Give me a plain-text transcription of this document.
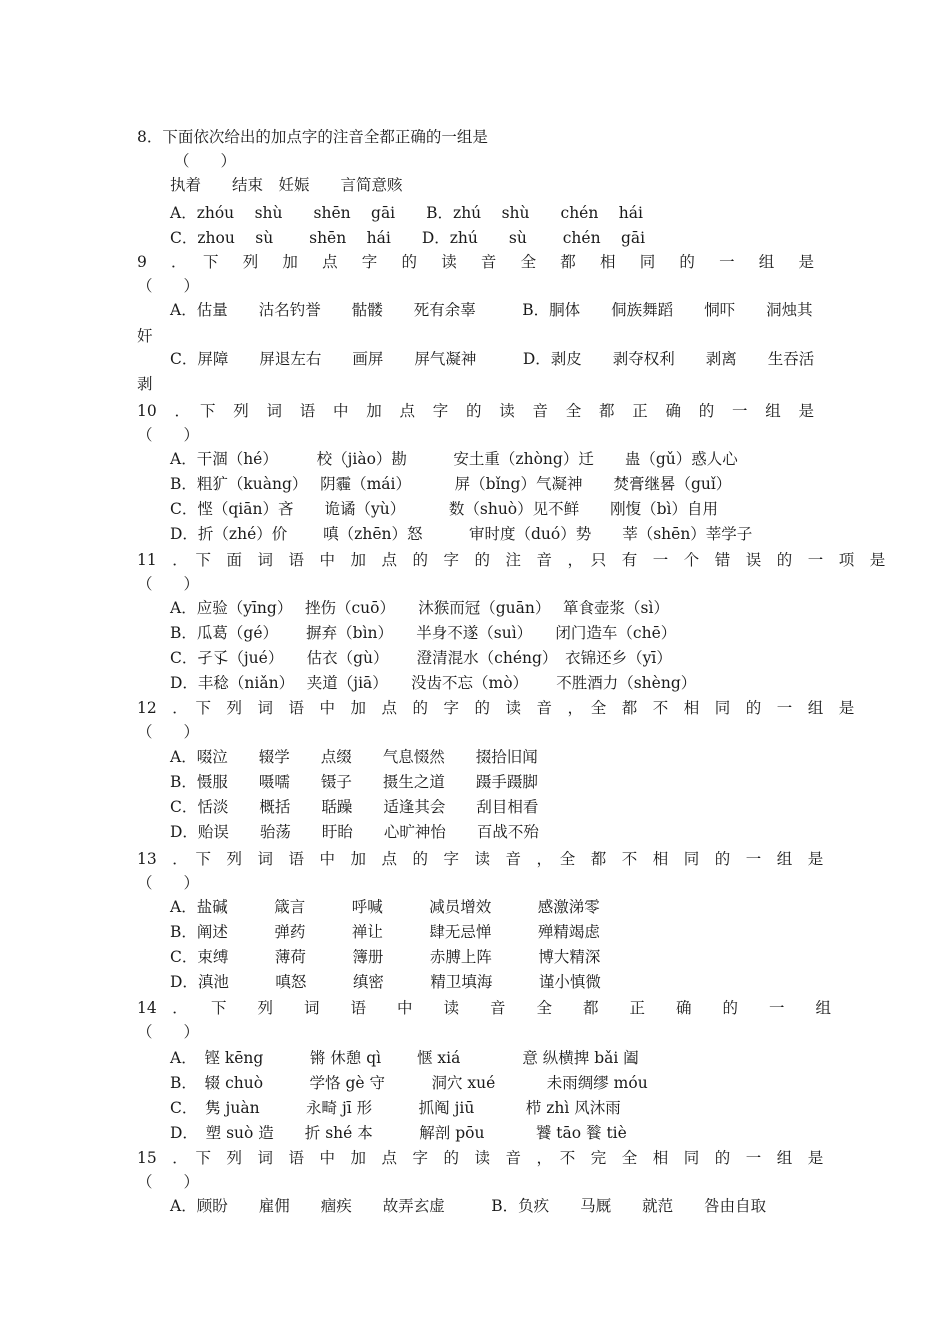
8．下面依次给出的加点字的注音全都正确的一组是
（　　）
执着　　结束　妊娠　　言简意赅
A．zhóu　 shù　　shēn　 gāi　　B．zhú　 shù　　chén　 hái
C．zhou　 sù　　 shēn　 hái　　D．zhú　　sù　　 chén　 gāi
9　．　下　列　加　点　字　的　读　音　全　都　相　同　的　一　组　是
（　　）
A．估量　　沽名钓誉　　骷髅　　死有余辜　　　B．胴体　　侗族舞蹈　　恫吓　　洞烛其
奸
C．屏障　　屏退左右　　画屏　　屏气凝神　　　D．剥皮　　剥夺权利　　剥离　　生吞活
剥
10　．　下　列　词　语　中　加　点　字　的　读　音　全　都　正　确　的　一　组　是
（　　）
A．干涸（hé）　　　校（jiào）勘　　　安土重（zhòng）迁　　蛊（gǔ）惑人心
B．粗犷（kuàng）　 阴霾（mái）　　　 屏（bǐng）气凝神　　焚膏继晷（guǐ）
C．悭（qiān）吝　　诡谲（yù）　　　 数（shuò）见不鲜　　刚愎（bì）自用
D．折（zhé）价　　 嗔（zhēn）怒　　　审时度（duó）势　　莘（shēn）莘学子
11　．　下　面　词　语　中　加　点　的　字　的　注　音　，　只　有　一　个　错　误　的　一　项　是
（　　）
A．应验（yīng）　 挫伤（cuō）　　沐猴而冠（guān）　 箪食壶浆（sì）
B．瓜葛（gé）　　 摒弃（bìn）　　半身不遂（suì）　　闭门造车（chē）
C．孑孓（jué）　　估衣（gù）　　 澄清混水（chéng）　衣锦还乡（yī）
D．丰稔（niǎn）　 夹道（jiā）　　没齿不忘（mò）　　 不胜酒力（shèng）
12　．　下　列　词　语　中　加　点　的　字　的　读　音　，　全　都　不　相　同　的　一　组　是
（　　）
A．啜泣　　辍学　　点缀　　气息惙然　　掇拾旧闻
B．慑服　　嗫嚅　　镊子　　摄生之道　　蹑手蹑脚
C．恬淡　　概括　　聒躁　　适逢其会　　刮目相看
D．贻误　　骀荡　　盱眙　　心旷神怡　　百战不殆
13　．　下　列　词　语　中　加　点　的　字　读　音　，　全　都　不　相　同　的　一　组　是
（　　）
A．盐碱　　　箴言　　　呼喊　　　减员增效　　　感激涕零
B．阐述　　　弹药　　　禅让　　　肆无忌惮　　　殚精竭虑
C．束缚　　　薄荷　　　簿册　　　赤膊上阵　　　博大精深
D．滇池　　　嗔怒　　　缜密　　　精卫填海　　　谨小慎微
14　．　　下　　列　　词　　语　　中　　读　　音　　全　　都　　正　　确　　的　　一　　组
（　　）
A．　铿 kēng　　　锵 休憩 qì　　 惬 xiá　　　　意 纵横捭 bǎi 阖
B．　辍 chuò　　　学恪 gè 守　　　洞穴 xué　　　 未雨绸缪 móu
C．　隽 juàn　　　永畸 jī 形　　　抓阄 jiū　　　 栉 zhì 风沐雨
D．　塑 suò 造　　折 shé 本　　　解剖 pōu　　　 饕 tāo 餮 tiè
15　．　下　列　词　语　中　加　点　字　的　读　音　，　不　完　全　相　同　的　一　组　是
（　　）
A．顾盼　　雇佣　　痼疾　　故弄玄虚　　　B．负疚　　马厩　　就范　　咎由自取
